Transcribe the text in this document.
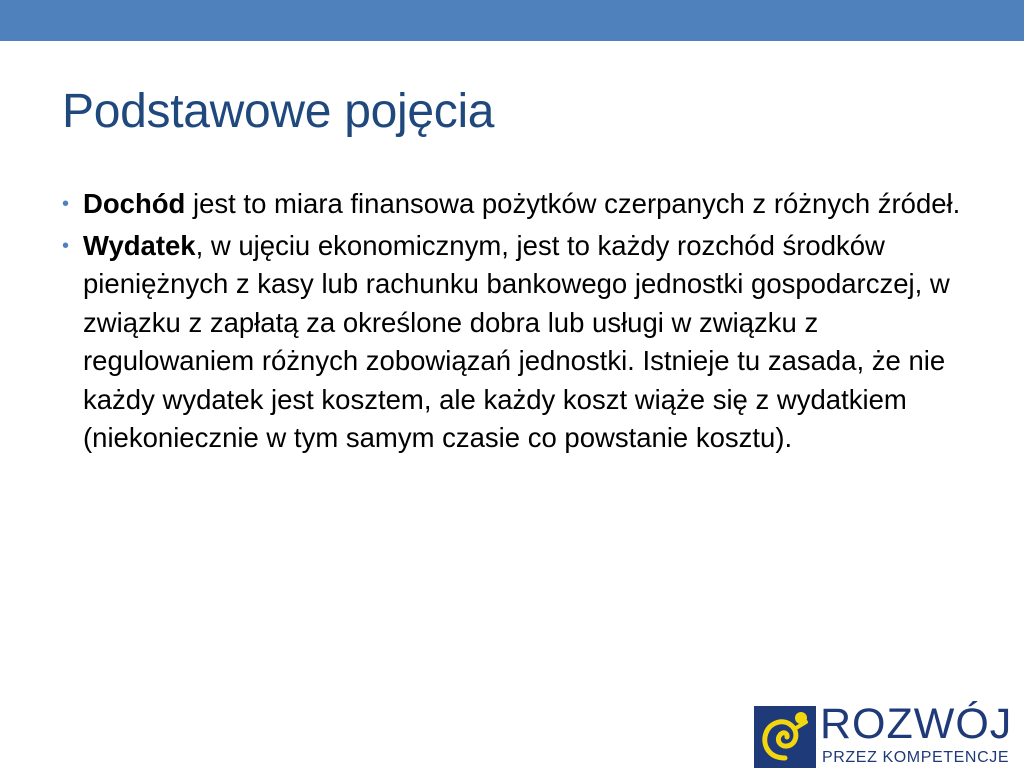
Podstawowe pojęcia
• Dochód jest to miara finansowa pożytków czerpanych z różnych źródeł.
• Wydatek, w ujęciu ekonomicznym, jest to każdy rozchód środków pieniężnych z kasy lub rachunku bankowego jednostki gospodarczej, w związku z zapłatą za określone dobra lub usługi w związku z regulowaniem różnych zobowiązań jednostki. Istnieje tu zasada, że nie każdy wydatek jest kosztem, ale każdy koszt wiąże się z wydatkiem (niekoniecznie w tym samym czasie co powstanie kosztu).
ROZWÓJ
PRZEZ KOMPETENCJE
